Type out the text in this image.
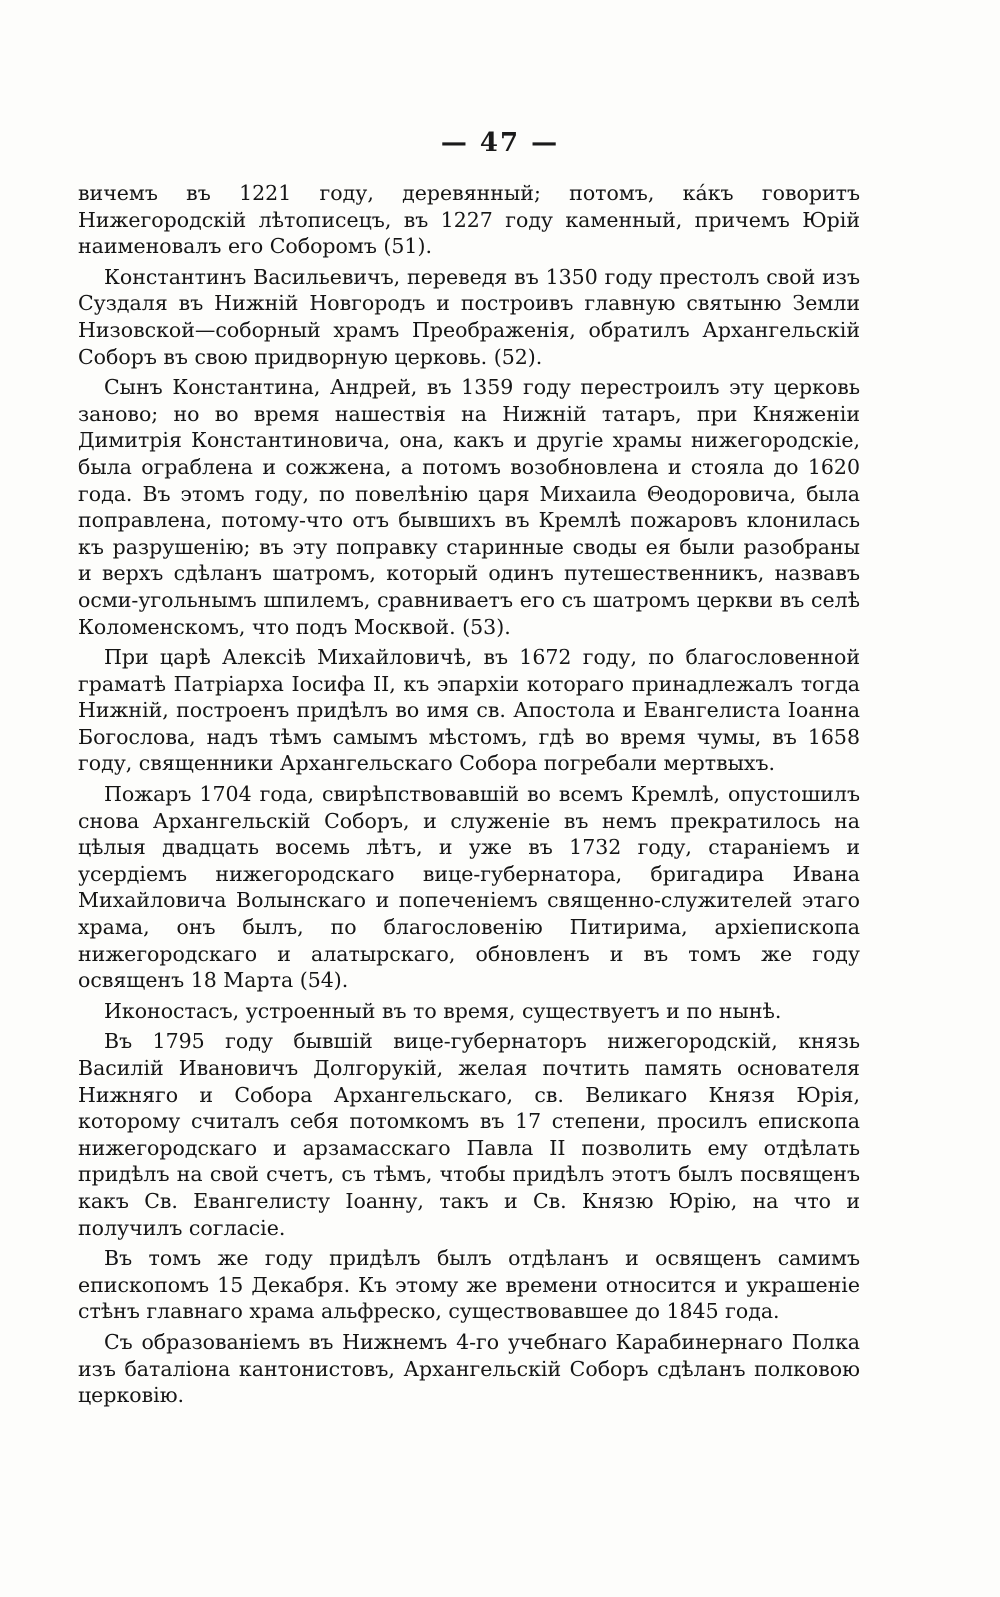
— 47 —

вичемъ въ 1221 году, деревянный; потомъ, ка́къ говоритъ Нижегородскій лѣтописецъ, въ 1227 году каменный, причемъ Юрій наименовалъ его Соборомъ (51).

Константинъ Васильевичъ, переведя въ 1350 году престолъ свой изъ Суздаля въ Нижній Новгородъ и построивъ главную святыню Земли Низовской—соборный храмъ Преображенія, обратилъ Архангельскій Соборъ въ свою придворную церковь. (52).

Сынъ Константина, Андрей, въ 1359 году перестроилъ эту церковь заново; но во время нашествія на Нижній татаръ, при Княженіи Димитрія Константиновича, она, какъ и другіе храмы нижегородскіе, была ограблена и сожжена, а потомъ возобновлена и стояла до 1620 года. Въ этомъ году, по повелѣнію царя Михаила Θеодоровича, была поправлена, потому-что отъ бывшихъ въ Кремлѣ пожаровъ клонилась къ разрушенію; въ эту поправку старинные своды ея были разобраны и верхъ сдѣланъ шатромъ, который одинъ путешественникъ, назвавъ осми-угольнымъ шпилемъ, сравниваетъ его съ шатромъ церкви въ селѣ Коломенскомъ, что подъ Москвой. (53).

При царѣ Алексіѣ Михайловичѣ, въ 1672 году, по благословенной граматѣ Патріарха Іосифа II, къ эпархіи котораго принадлежалъ тогда Нижній, построенъ придѣлъ во имя св. Апостола и Евангелиста Іоанна Богослова, надъ тѣмъ самымъ мѣстомъ, гдѣ во время чумы, въ 1658 году, священники Архангельскаго Собора погребали мертвыхъ.

Пожаръ 1704 года, свирѣпствовавшій во всемъ Кремлѣ, опустошилъ снова Архангельскій Соборъ, и служеніе въ немъ прекратилось на цѣлыя двадцать восемь лѣтъ, и уже въ 1732 году, стараніемъ и усердіемъ нижегородскаго вице-губернатора, бригадира Ивана Михайловича Волынскаго и попеченіемъ священно-служителей этаго храма, онъ былъ, по благословенію Питирима, архіепископа нижегородскаго и алатырскаго, обновленъ и въ томъ же году освященъ 18 Марта (54).

Иконостасъ, устроенный въ то время, существуетъ и по нынѣ.

Въ 1795 году бывшій вице-губернаторъ нижегородскій, князь Василій Ивановичъ Долгорукій, желая почтить память основателя Нижняго и Собора Архангельскаго, св. Великаго Князя Юрія, которому считалъ себя потомкомъ въ 17 степени, просилъ епископа нижегородскаго и арзамасскаго Павла II позволить ему отдѣлать придѣлъ на свой счетъ, съ тѣмъ, чтобы придѣлъ этотъ былъ посвященъ какъ Св. Евангелисту Іоанну, такъ и Св. Князю Юрію, на что и получилъ согласіе.

Въ томъ же году придѣлъ былъ отдѣланъ и освященъ самимъ епископомъ 15 Декабря. Къ этому же времени относится и украшеніе стѣнъ главнаго храма альфреско, существовавшее до 1845 года.

Съ образованіемъ въ Нижнемъ 4-го учебнаго Карабинернаго Полка изъ баталіона кантонистовъ, Архангельскій Соборъ сдѣланъ полковою церковію.
